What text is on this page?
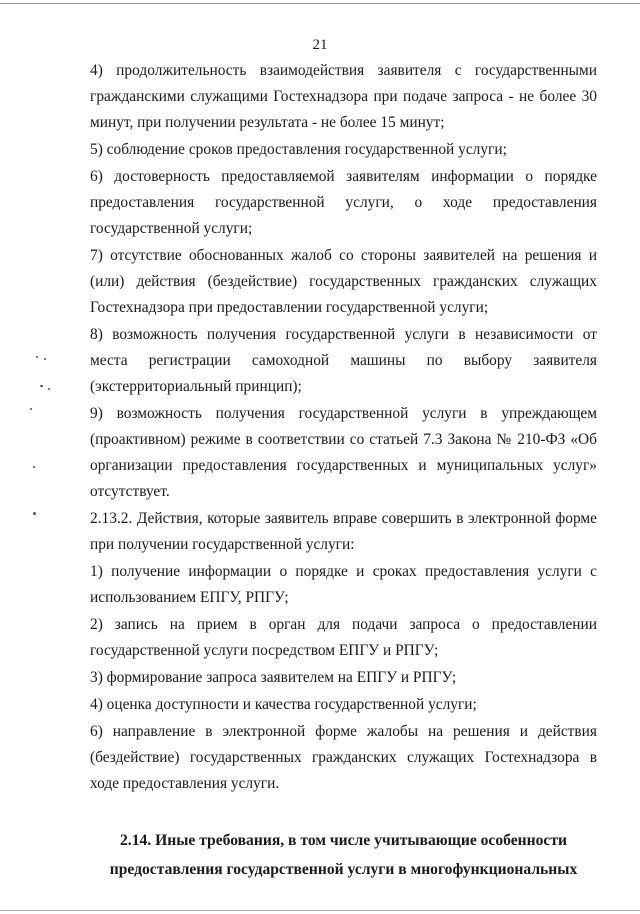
21

4) продолжительность взаимодействия заявителя с государственными гражданскими служащими Гостехнадзора при подаче запроса - не более 30 минут, при получении результата - не более 15 минут;

5) соблюдение сроков предоставления государственной услуги;

6) достоверность предоставляемой заявителям информации о порядке предоставления государственной услуги, о ходе предоставления государственной услуги;

7) отсутствие обоснованных жалоб со стороны заявителей на решения и (или) действия (бездействие) государственных гражданских служащих Гостехнадзора при предоставлении государственной услуги;

8) возможность получения государственной услуги в независимости от места регистрации самоходной машины по выбору заявителя (экстерриториальный принцип);

9) возможность получения государственной услуги в упреждающем (проактивном) режиме в соответствии со статьей 7.3 Закона № 210-ФЗ «Об организации предоставления государственных и муниципальных услуг» отсутствует.

2.13.2. Действия, которые заявитель вправе совершить в электронной форме при получении государственной услуги:

1) получение информации о порядке и сроках предоставления услуги с использованием ЕПГУ, РПГУ;

2) запись на прием в орган для подачи запроса о предоставлении государственной услуги посредством ЕПГУ и РПГУ;

3) формирование запроса заявителем на ЕПГУ и РПГУ;

4) оценка доступности и качества государственной услуги;

6) направление в электронной форме жалобы на решения и действия (бездействие) государственных гражданских служащих Гостехнадзора в ходе предоставления услуги.

2.14. Иные требования, в том числе учитывающие особенности предоставления государственной услуги в многофункциональных
